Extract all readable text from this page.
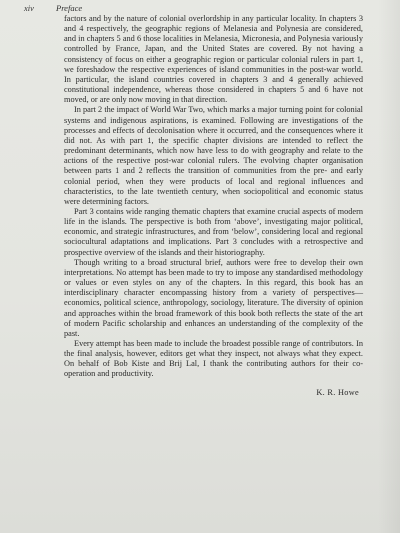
xiv	Preface

factors and by the nature of colonial overlordship in any particular locality. In chapters 3 and 4 respectively, the geographic regions of Melanesia and Polynesia are considered, and in chapters 5 and 6 those localities in Melanesia, Micronesia, and Polynesia variously controlled by France, Japan, and the United States are covered. By not having a consistency of focus on either a geographic region or particular colonial rulers in part 1, we foreshadow the respective experiences of island communities in the post-war world. In particular, the island countries covered in chapters 3 and 4 generally achieved constitutional independence, whereas those considered in chapters 5 and 6 have not moved, or are only now moving in that direction.

In part 2 the impact of World War Two, which marks a major turning point for colonial systems and indigenous aspirations, is examined. Following are investigations of the processes and effects of decolonisation where it occurred, and the consequences where it did not. As with part 1, the specific chapter divisions are intended to reflect the predominant determinants, which now have less to do with geography and relate to the actions of the respective post-war colonial rulers. The evolving chapter organisation between parts 1 and 2 reflects the transition of communities from the pre- and early colonial period, when they were products of local and regional influences and characteristics, to the late twentieth century, when sociopolitical and economic status were determining factors.

Part 3 contains wide ranging thematic chapters that examine crucial aspects of modern life in the islands. The perspective is both from ‘above’, investigating major political, economic, and strategic infrastructures, and from ‘below’, considering local and regional sociocultural adaptations and implications. Part 3 concludes with a retrospective and prospective overview of the islands and their historiography.

Though writing to a broad structural brief, authors were free to develop their own interpretations. No attempt has been made to try to impose any standardised methodology or values or even styles on any of the chapters. In this regard, this book has an interdisciplinary character encompassing history from a variety of perspectives—economics, political science, anthropology, sociology, literature. The diversity of opinion and approaches within the broad framework of this book both reflects the state of the art of modern Pacific scholarship and enhances an understanding of the complexity of the past.

Every attempt has been made to include the broadest possible range of contributors. In the final analysis, however, editors get what they inspect, not always what they expect. On behalf of Bob Kiste and Brij Lal, I thank the contributing authors for their co-operation and productivity.

K. R. Howe
